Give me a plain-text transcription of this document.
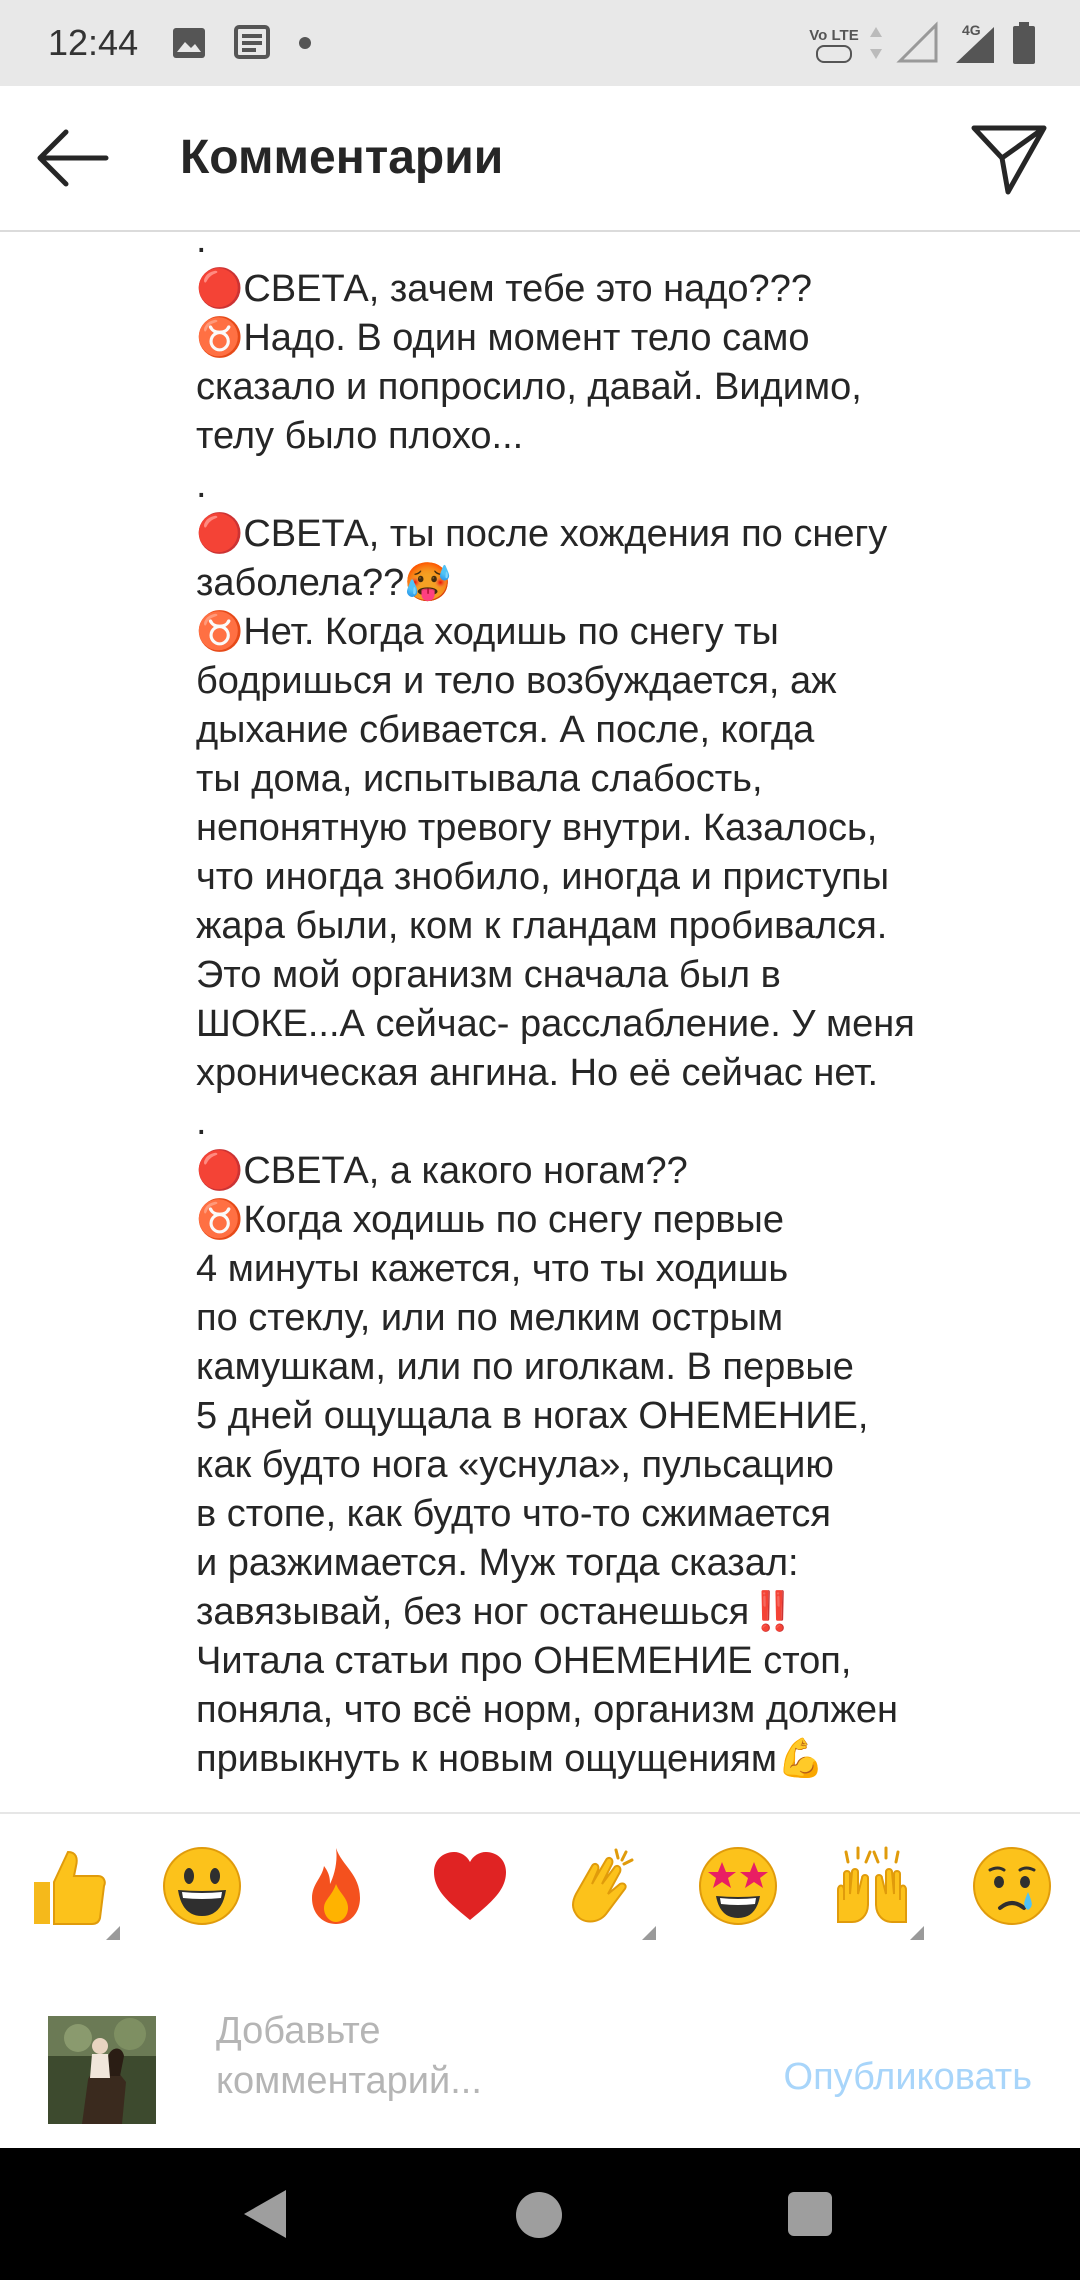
12:44	Vo LTE	4G
Комментарии
.
🔴СВЕТА, зачем тебе это надо???
♉Надо. В один момент тело само
сказало и попросило, давай. Видимо,
телу было плохо...
.
🔴СВЕТА, ты после хождения по снегу
заболела??🥵
♉Нет. Когда ходишь по снегу ты
бодришься и тело возбуждается, аж
дыхание сбивается. А после, когда
ты дома, испытывала слабость,
непонятную тревогу внутри. Казалось,
что иногда знобило, иногда и приступы
жара были, ком к гландам пробивался.
Это мой организм сначала был в
ШОКЕ...А сейчас- расслабление. У меня
хроническая ангина. Но её сейчас нет.
.
🔴СВЕТА, а какого ногам??
♉Когда ходишь по снегу первые
4 минуты кажется, что ты ходишь
по стеклу, или по мелким острым
камушкам, или по иголкам. В первые
5 дней ощущала в ногах ОНЕМЕНИЕ,
как будто нога «уснула», пульсацию
в стопе, как будто что-то сжимается
и разжимается. Муж тогда сказал:
завязывай, без ног останешься‼️
Читала статьи про ОНЕМЕНИЕ стоп,
поняла, что всё норм, организм должен
привыкнуть к новым ощущениям💪
Добавьте
комментарий...	Опубликовать
